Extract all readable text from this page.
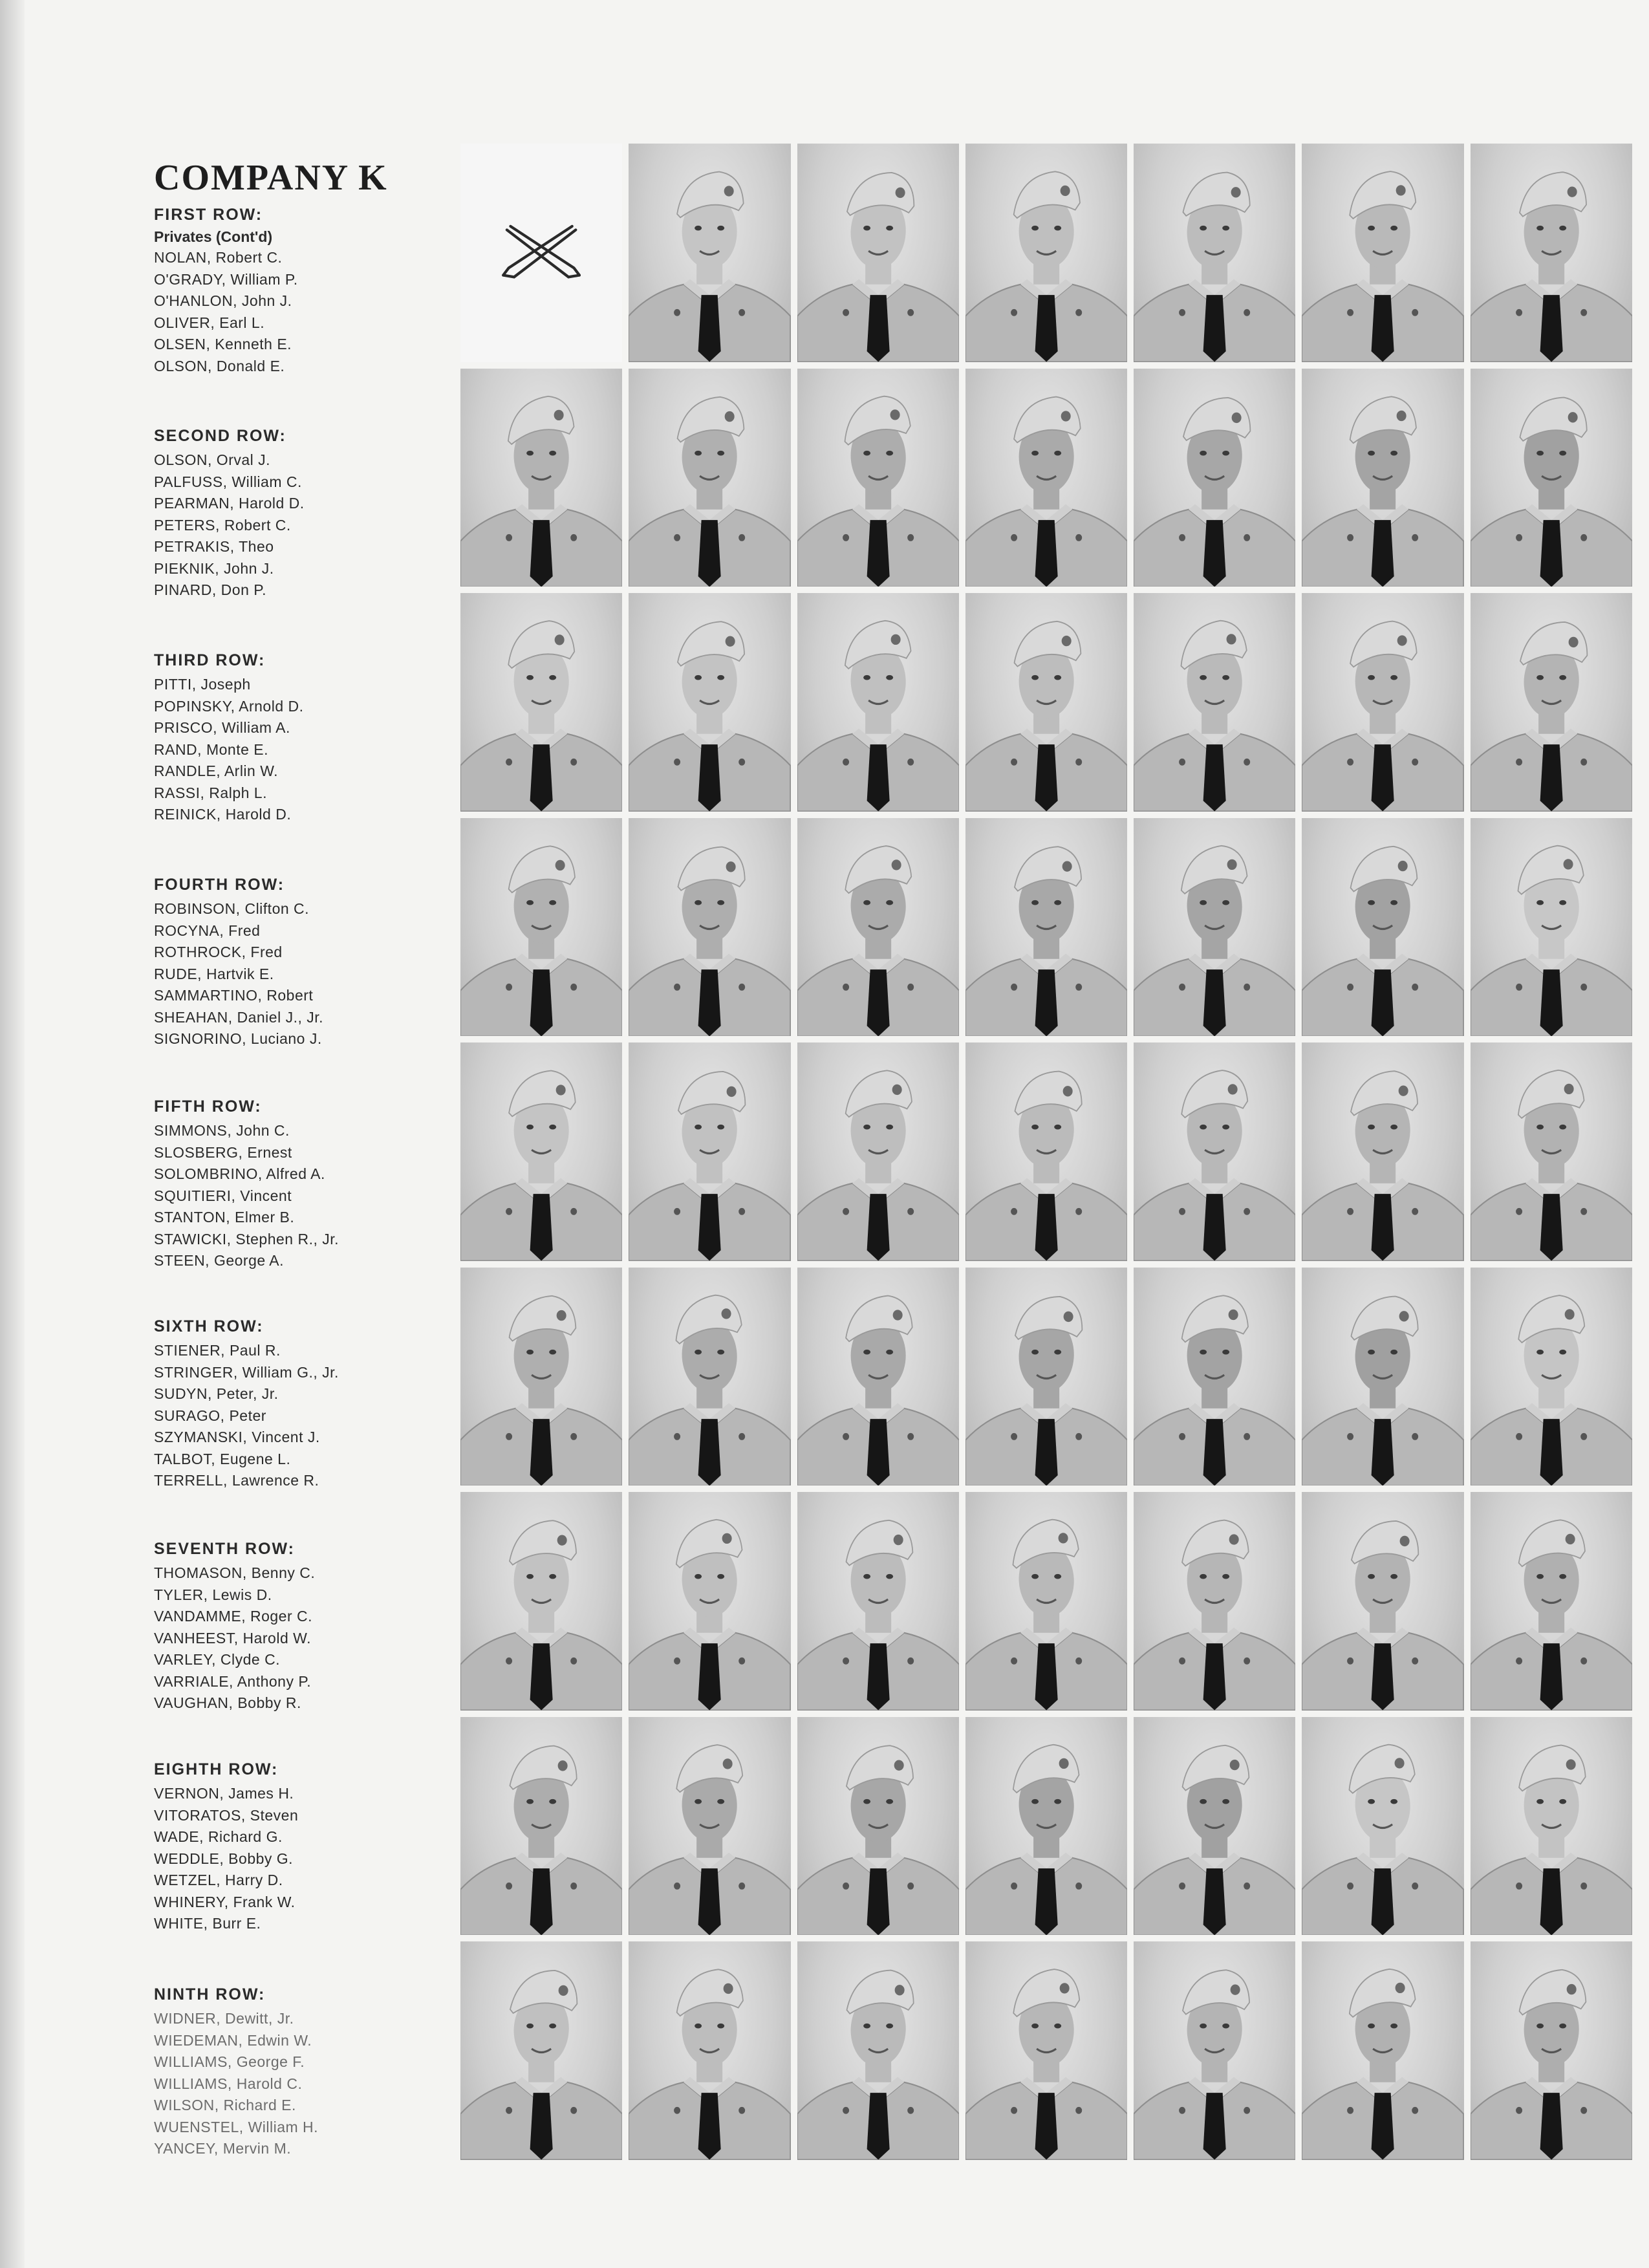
COMPANY K
FIRST ROW:
Privates (Cont'd)
NOLAN, Robert C.
O'GRADY, William P.
O'HANLON, John J.
OLIVER, Earl L.
OLSEN, Kenneth E.
OLSON, Donald E.
SECOND ROW:
OLSON, Orval J.
PALFUSS, William C.
PEARMAN, Harold D.
PETERS, Robert C.
PETRAKIS, Theo
PIEKNIK, John J.
PINARD, Don P.
THIRD ROW:
PITTI, Joseph
POPINSKY, Arnold D.
PRISCO, William A.
RAND, Monte E.
RANDLE, Arlin W.
RASSI, Ralph L.
REINICK, Harold D.
FOURTH ROW:
ROBINSON, Clifton C.
ROCYNA, Fred
ROTHROCK, Fred
RUDE, Hartvik E.
SAMMARTINO, Robert
SHEAHAN, Daniel J., Jr.
SIGNORINO, Luciano J.
FIFTH ROW:
SIMMONS, John C.
SLOSBERG, Ernest
SOLOMBRINO, Alfred A.
SQUITIERI, Vincent
STANTON, Elmer B.
STAWICKI, Stephen R., Jr.
STEEN, George A.
SIXTH ROW:
STIENER, Paul R.
STRINGER, William G., Jr.
SUDYN, Peter, Jr.
SURAGO, Peter
SZYMANSKI, Vincent J.
TALBOT, Eugene L.
TERRELL, Lawrence R.
SEVENTH ROW:
THOMASON, Benny C.
TYLER, Lewis D.
VANDAMME, Roger C.
VANHEEST, Harold W.
VARLEY, Clyde C.
VARRIALE, Anthony P.
VAUGHAN, Bobby R.
EIGHTH ROW:
VERNON, James H.
VITORATOS, Steven
WADE, Richard G.
WEDDLE, Bobby G.
WETZEL, Harry D.
WHINERY, Frank W.
WHITE, Burr E.
NINTH ROW:
WIDNER, Dewitt, Jr.
WIEDEMAN, Edwin W.
WILLIAMS, George F.
WILLIAMS, Harold C.
WILSON, Richard E.
WUENSTEL, William H.
YANCEY, Mervin M.
